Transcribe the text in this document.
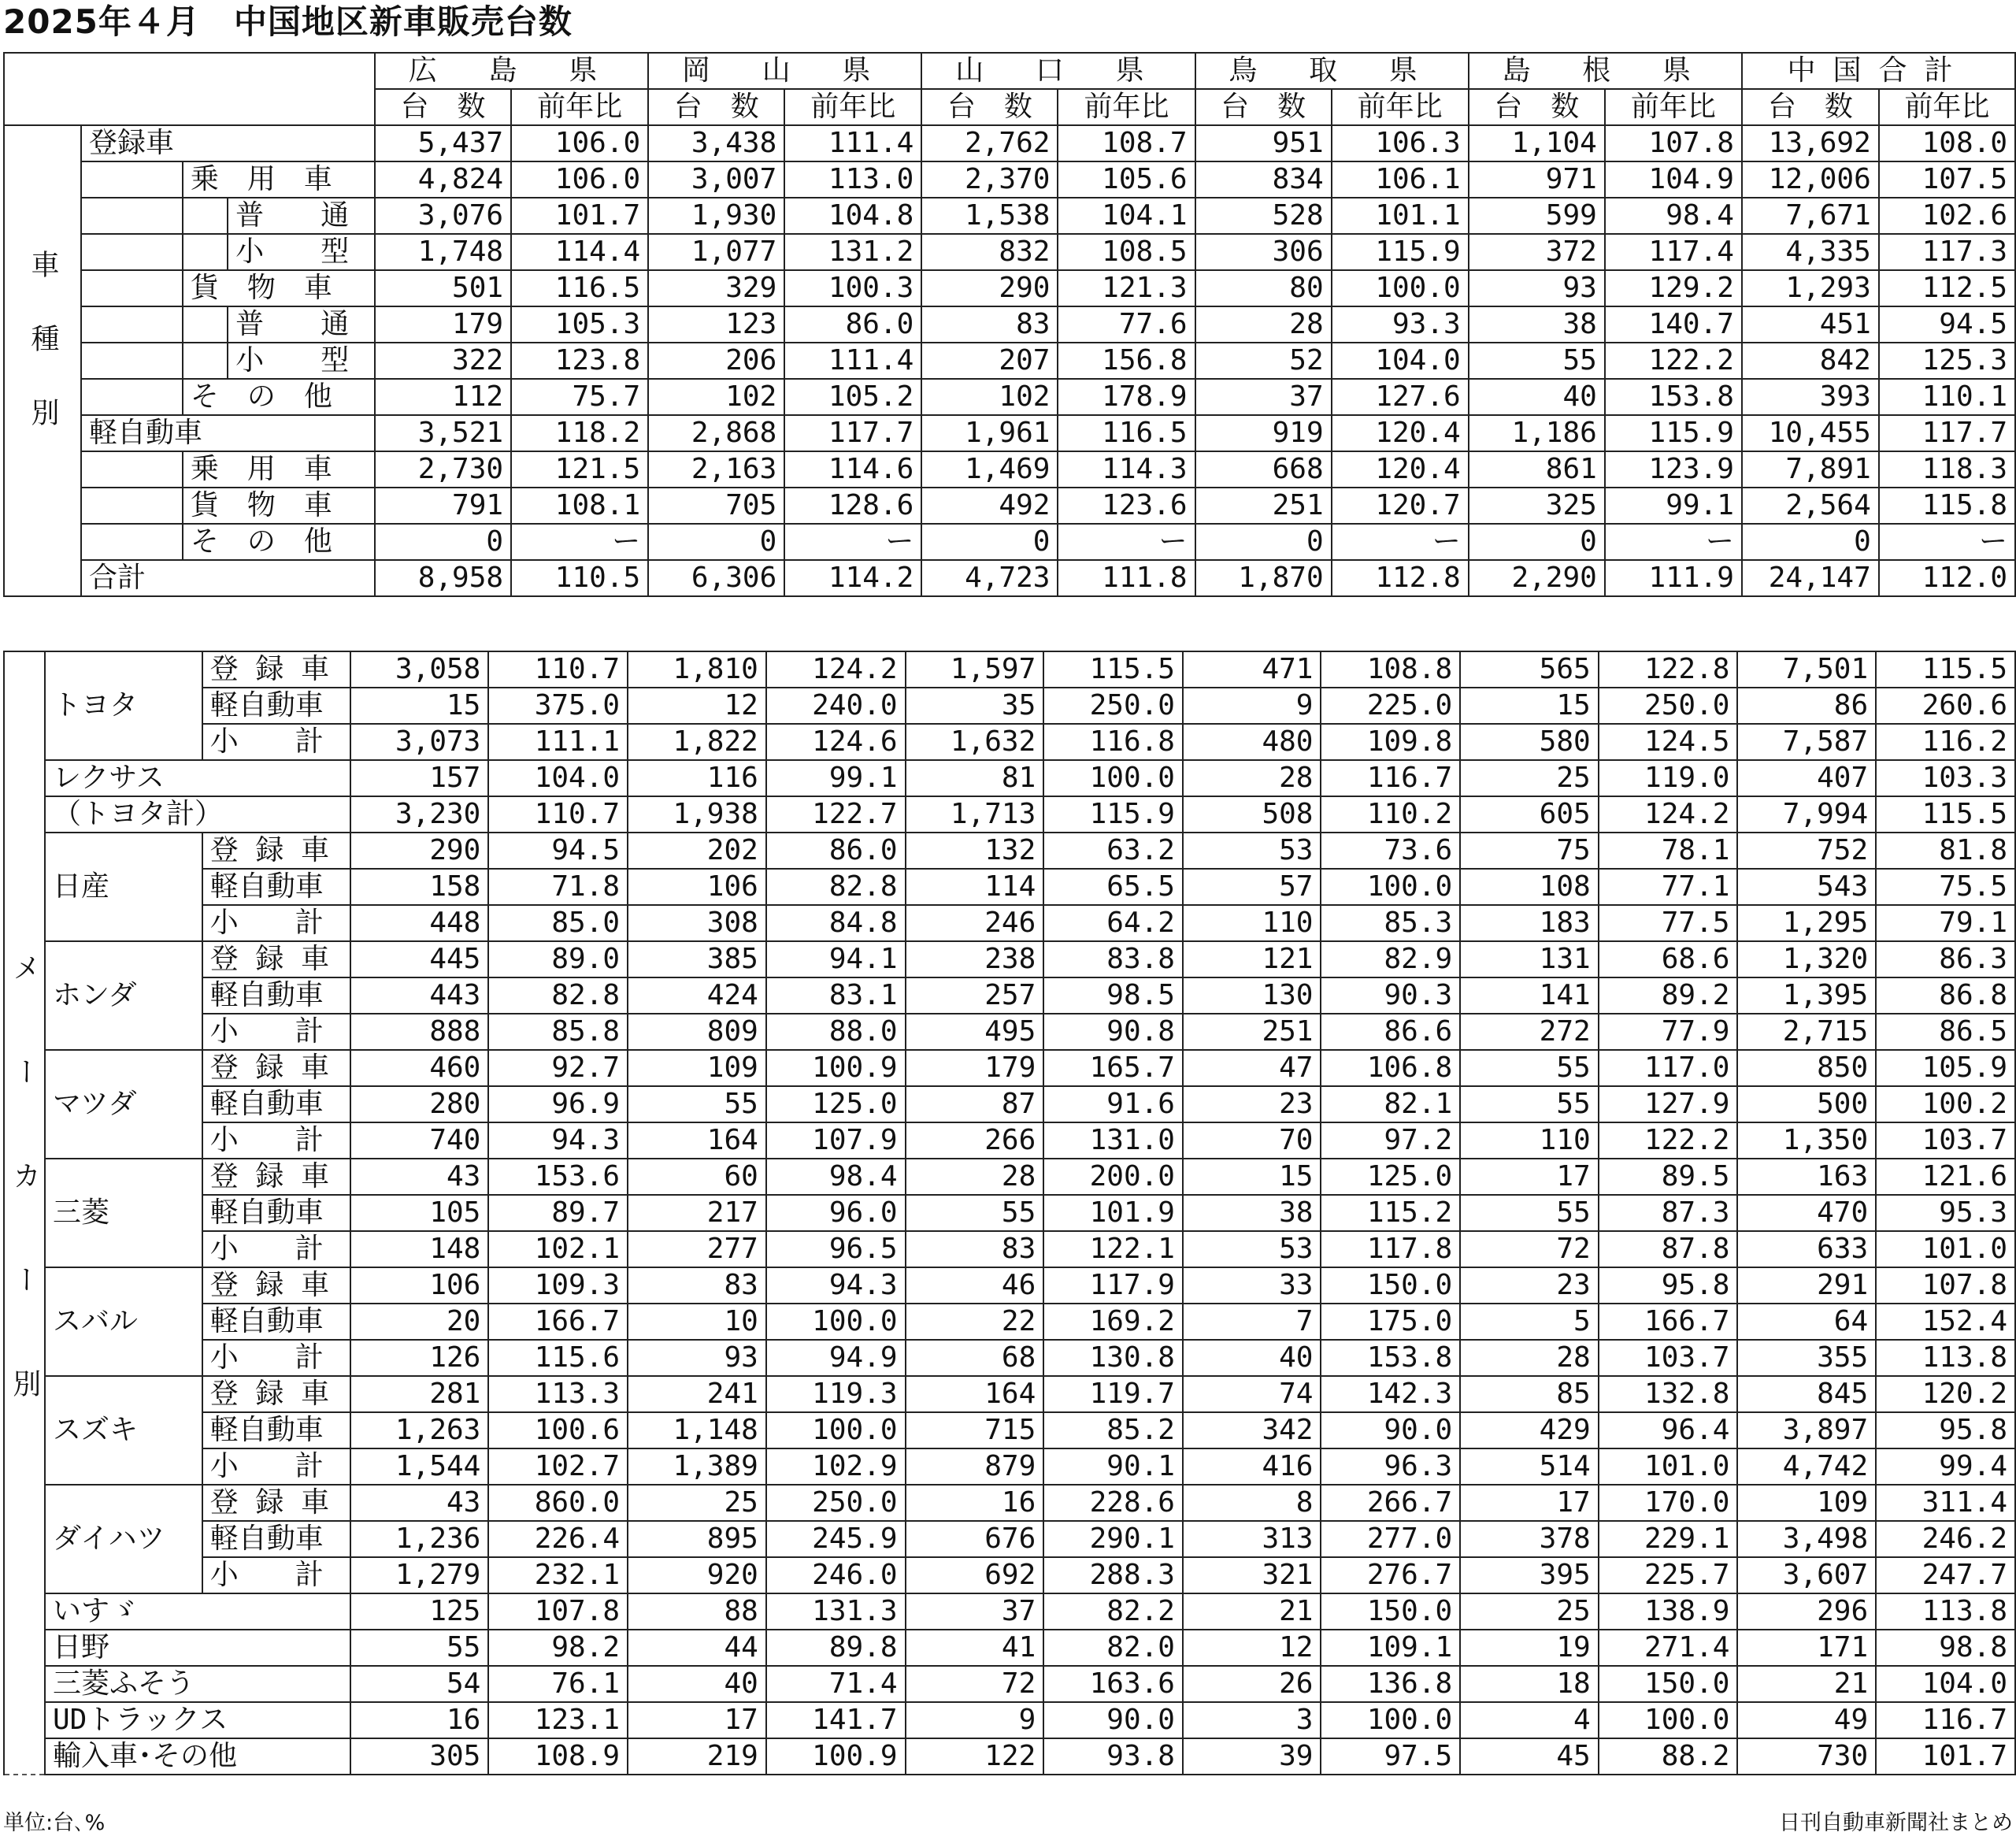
2025年４月　中国地区新車販売台数
				広 島 県		岡 山 県		山 口 県		鳥 取 県		島 根 県		中国合計	
				台　数	前年比	台　数	前年比	台　数	前年比	台　数	前年比	台　数	前年比	台　数	前年比
車種別	登録車			5,437	106.0	3,438	111.4	2,762	108.7	951	106.3	1,104	107.8	13,692	108.0
		乗　用　車		4,824	106.0	3,007	113.0	2,370	105.6	834	106.1	971	104.9	12,006	107.5
			普　　通	3,076	101.7	1,930	104.8	1,538	104.1	528	101.1	599	98.4	7,671	102.6
			小　　型	1,748	114.4	1,077	131.2	832	108.5	306	115.9	372	117.4	4,335	117.3
		貨　物　車		501	116.5	329	100.3	290	121.3	80	100.0	93	129.2	1,293	112.5
			普　　通	179	105.3	123	86.0	83	77.6	28	93.3	38	140.7	451	94.5
			小　　型	322	123.8	206	111.4	207	156.8	52	104.0	55	122.2	842	125.3
		そ　の　他		112	75.7	102	105.2	102	178.9	37	127.6	40	153.8	393	110.1
	軽自動車			3,521	118.2	2,868	117.7	1,961	116.5	919	120.4	1,186	115.9	10,455	117.7
		乗　用　車		2,730	121.5	2,163	114.6	1,469	114.3	668	120.4	861	123.9	7,891	118.3
		貨　物　車		791	108.1	705	128.6	492	123.6	251	120.7	325	99.1	2,564	115.8
		そ　の　他		0	ー	0	ー	0	ー	0	ー	0	ー	0	ー
	合計			8,958	110.5	6,306	114.2	4,723	111.8	1,870	112.8	2,290	111.9	24,147	112.0
メーカー別	トヨタ	登 録 車	3,058	110.7	1,810	124.2	1,597	115.5	471	108.8	565	122.8	7,501	115.5
		軽自動車	15	375.0	12	240.0	35	250.0	9	225.0	15	250.0	86	260.6
		小　　計	3,073	111.1	1,822	124.6	1,632	116.8	480	109.8	580	124.5	7,587	116.2
	レクサス		157	104.0	116	99.1	81	100.0	28	116.7	25	119.0	407	103.3
	（トヨタ計）		3,230	110.7	1,938	122.7	1,713	115.9	508	110.2	605	124.2	7,994	115.5
	日産	登 録 車	290	94.5	202	86.0	132	63.2	53	73.6	75	78.1	752	81.8
		軽自動車	158	71.8	106	82.8	114	65.5	57	100.0	108	77.1	543	75.5
		小　　計	448	85.0	308	84.8	246	64.2	110	85.3	183	77.5	1,295	79.1
	ホンダ	登 録 車	445	89.0	385	94.1	238	83.8	121	82.9	131	68.6	1,320	86.3
		軽自動車	443	82.8	424	83.1	257	98.5	130	90.3	141	89.2	1,395	86.8
		小　　計	888	85.8	809	88.0	495	90.8	251	86.6	272	77.9	2,715	86.5
	マツダ	登 録 車	460	92.7	109	100.9	179	165.7	47	106.8	55	117.0	850	105.9
		軽自動車	280	96.9	55	125.0	87	91.6	23	82.1	55	127.9	500	100.2
		小　　計	740	94.3	164	107.9	266	131.0	70	97.2	110	122.2	1,350	103.7
	三菱	登 録 車	43	153.6	60	98.4	28	200.0	15	125.0	17	89.5	163	121.6
		軽自動車	105	89.7	217	96.0	55	101.9	38	115.2	55	87.3	470	95.3
		小　　計	148	102.1	277	96.5	83	122.1	53	117.8	72	87.8	633	101.0
	スバル	登 録 車	106	109.3	83	94.3	46	117.9	33	150.0	23	95.8	291	107.8
		軽自動車	20	166.7	10	100.0	22	169.2	7	175.0	5	166.7	64	152.4
		小　　計	126	115.6	93	94.9	68	130.8	40	153.8	28	103.7	355	113.8
	スズキ	登 録 車	281	113.3	241	119.3	164	119.7	74	142.3	85	132.8	845	120.2
		軽自動車	1,263	100.6	1,148	100.0	715	85.2	342	90.0	429	96.4	3,897	95.8
		小　　計	1,544	102.7	1,389	102.9	879	90.1	416	96.3	514	101.0	4,742	99.4
	ダイハツ	登 録 車	43	860.0	25	250.0	16	228.6	8	266.7	17	170.0	109	311.4
		軽自動車	1,236	226.4	895	245.9	676	290.1	313	277.0	378	229.1	3,498	246.2
		小　　計	1,279	232.1	920	246.0	692	288.3	321	276.7	395	225.7	3,607	247.7
	いすゞ		125	107.8	88	131.3	37	82.2	21	150.0	25	138.9	296	113.8
	日野		55	98.2	44	89.8	41	82.0	12	109.1	19	271.4	171	98.8
	三菱ふそう		54	76.1	40	71.4	72	163.6	26	136.8	18	150.0	21	104.0
	UDトラックス		16	123.1	17	141.7	9	90.0	3	100.0	4	100.0	49	116.7
	輸入車･その他		305	108.9	219	100.9	122	93.8	39	97.5	45	88.2	730	101.7
単位:台､%	日刊自動車新聞社まとめ
